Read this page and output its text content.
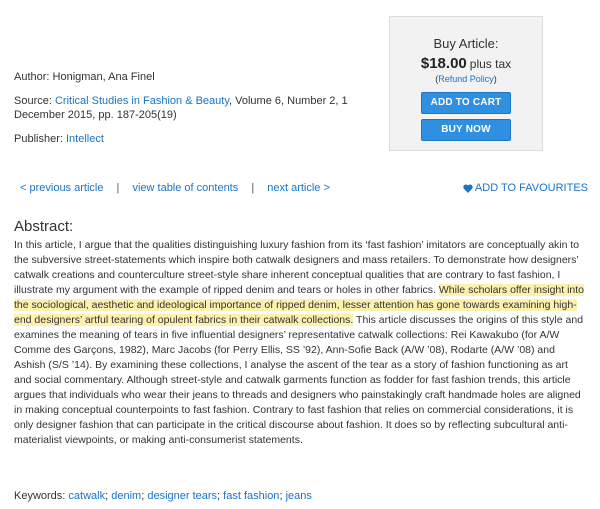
Author: Honigman, Ana Finel
Source: Critical Studies in Fashion & Beauty, Volume 6, Number 2, 1 December 2015, pp. 187-205(19)
Publisher: Intellect
Buy Article:
$18.00 plus tax
(Refund Policy)
ADD TO CART
BUY NOW
< previous article | view table of contents | next article >	ADD TO FAVOURITES
Abstract:
In this article, I argue that the qualities distinguishing luxury fashion from its ‘fast fashion’ imitators are conceptually akin to the subversive street-statements which inspire both catwalk designers and mass retailers. To demonstrate how designers’ catwalk creations and counterculture street-style share inherent conceptual qualities that are contrary to fast fashion, I illustrate my argument with the example of ripped denim and tears or holes in other fabrics. While scholars offer insight into the sociological, aesthetic and ideological importance of ripped denim, lesser attention has gone towards examining high-end designers’ artful tearing of opulent fabrics in their catwalk collections. This article discusses the origins of this style and examines the meaning of tears in five influential designers’ representative catwalk collections: Rei Kawakubo (for A/W Comme des Garçons, 1982), Marc Jacobs (for Perry Ellis, SS ’92), Ann-Sofie Back (A/W ’08), Rodarte (A/W ’08) and Ashish (S/S ’14). By examining these collections, I analyse the ascent of the tear as a story of fashion functioning as art and social commentary. Although street-style and catwalk garments function as fodder for fast fashion trends, this article argues that individuals who wear their jeans to threads and designers who painstakingly craft handmade holes are aligned in making conceptual counterpoints to fast fashion. Contrary to fast fashion that relies on commercial considerations, it is only designer fashion that can participate in the critical discourse about fashion. It does so by reflecting subcultural anti-materialist viewpoints, or making anti-consumerist statements.
Keywords: catwalk; denim; designer tears; fast fashion; jeans
